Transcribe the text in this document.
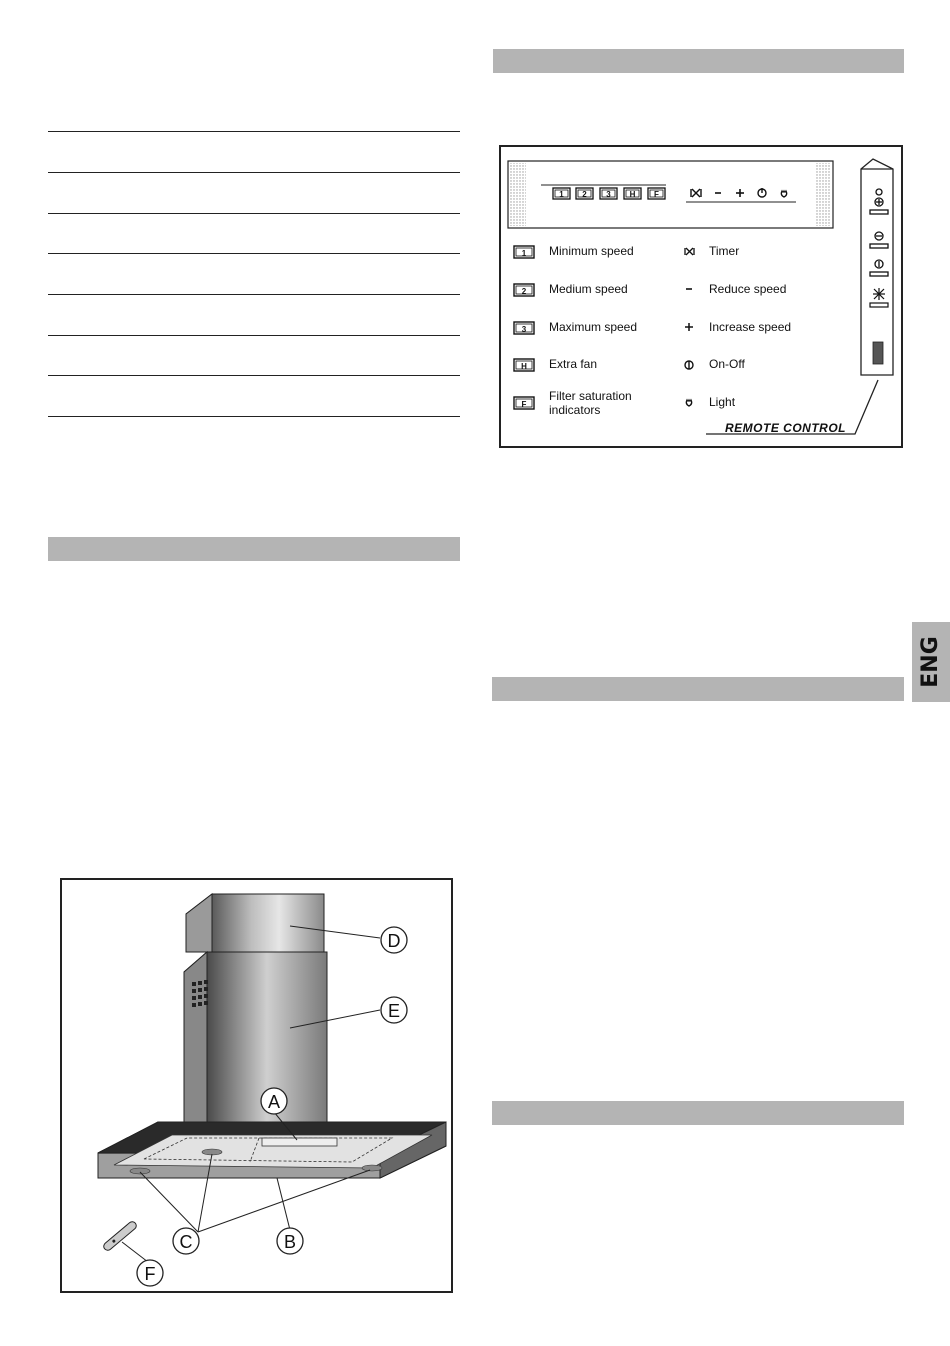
ENG
1 2 3 H F
1
2
3
H
F
Minimum speed
Medium speed
Maximum speed
Extra fan
Filter saturation indicators
Timer
Reduce speed
Increase speed
On-Off
Light
REMOTE CONTROL
D
E
A
B
C
F
